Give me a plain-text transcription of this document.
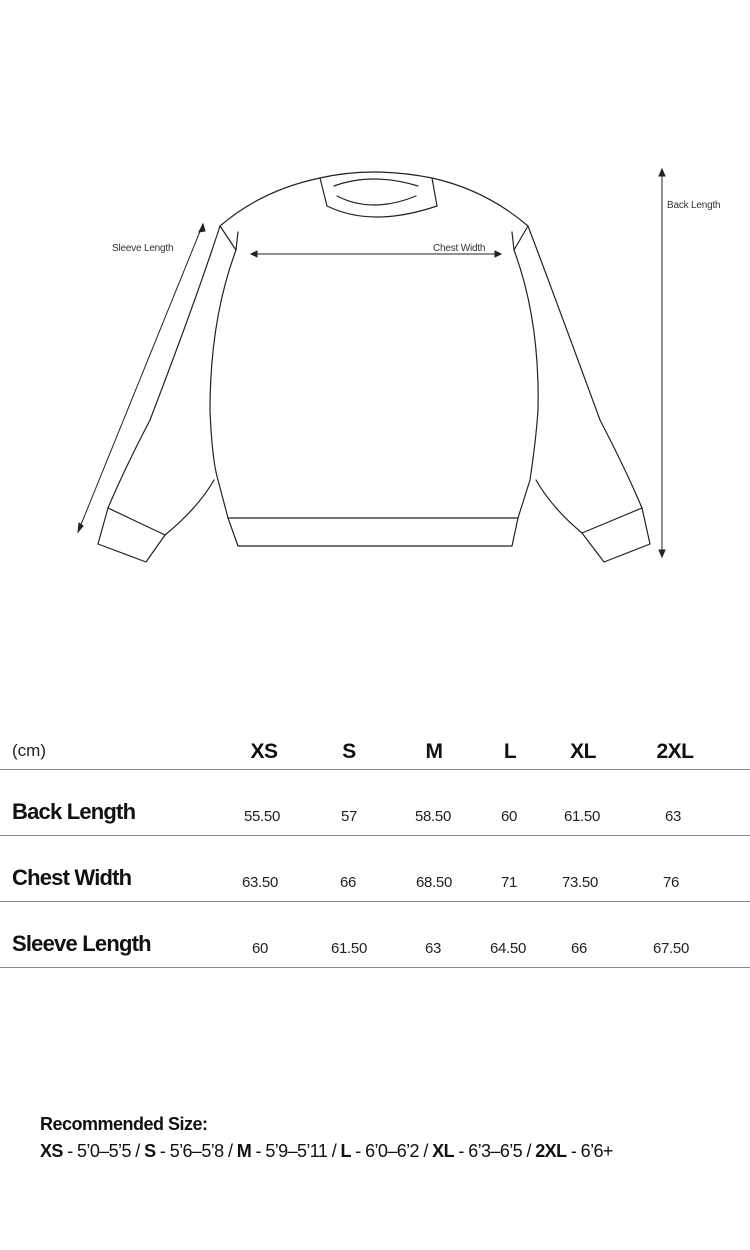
Sleeve Length	Chest Width
Back Length
(cm)	XS	S	M	L	XL	2XL
Back Length	55.50	57	58.50	60	61.50	63
Chest Width	63.50	66	68.50	71	73.50	76
Sleeve Length	60	61.50	63	64.50	66	67.50
Recommended Size:
XS - 5’0–5’5 / S - 5’6–5’8 / M - 5’9–5’11 / L - 6’0–6’2 / XL - 6’3–6’5 / 2XL - 6’6+
